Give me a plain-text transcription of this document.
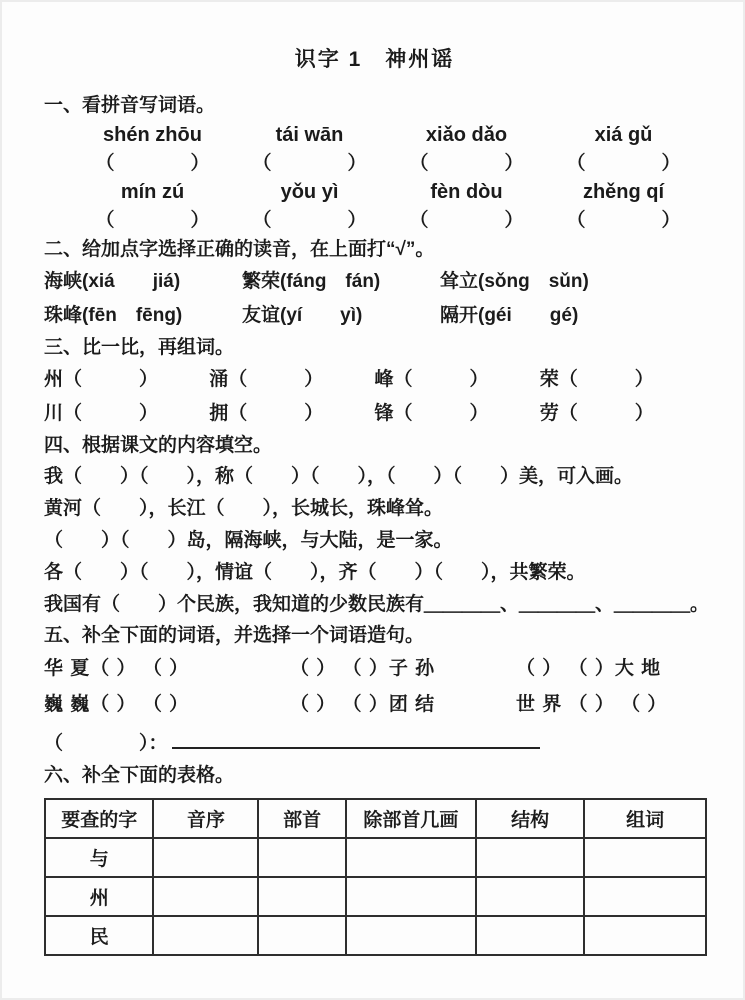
识字 1　神州谣
一、看拼音写词语。
shén zhōu	tái wān	xiǎo dǎo	xiá gǔ
（　　　　）	（　　　　）	（　　　　）	（　　　　）
mín zú	yǒu yì	fèn dòu	zhěng qí
（　　　　）	（　　　　）	（　　　　）	（　　　　）
二、给加点字选择正确的读音，在上面打“√”。
海峡(xiá　　jiá)	繁荣(fáng　fán)	耸立(sǒng　sǔn)
珠峰(fēn　fēng)	友谊(yí　　yì)	隔开(géi　　gé)
三、比一比，再组词。
州（　　　）	涌（　　　）	峰（　　　）	荣（　　　）
川（　　　）	拥（　　　）	锋（　　　）	劳（　　　）
四、根据课文的内容填空。
我（　　）（　　），称（　　）（　　），（　　）（　　）美，可入画。
黄河（　　），长江（　　），长城长，珠峰耸。
（　　）（　　）岛，隔海峡，与大陆，是一家。
各（　　）（　　），情谊（　　），齐（　　）（　　），共繁荣。
我国有（　　）个民族，我知道的少数民族有＿＿＿＿、＿＿＿＿、＿＿＿＿。
五、补全下面的词语，并选择一个词语造句。
华 夏（ ） （ ）	（ ） （ ）子 孙	（ ） （ ）大 地
巍 巍（ ） （ ）	（ ） （ ）团 结	世 界 （ ） （ ）
（　　　　）：
六、补全下面的表格。
要查的字	音序	部首	除部首几画	结构	组词
与					
州					
民					
